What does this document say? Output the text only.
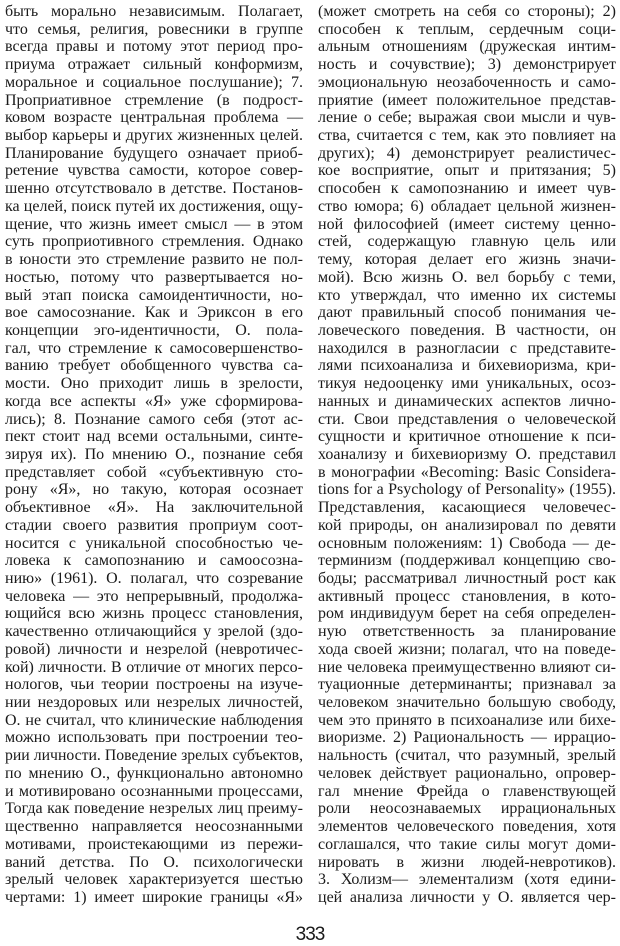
быть морально независимым. Полагает,
что семья, религия, ровесники в группе
всегда правы и потому этот период про-
приума отражает сильный конформизм,
моральное и социальное послушание); 7.
Проприативное стремление (в подрост-
ковом возрасте центральная проблема —
выбор карьеры и других жизненных целей.
Планирование будущего означает приоб-
ретение чувства самости, которое совер-
шенно отсутствовало в детстве. Постанов-
ка целей, поиск путей их достижения, ощу-
щение, что жизнь имеет смысл — в этом
суть проприотивного стремления. Однако
в юности это стремление развито не пол-
ностью, потому что развертывается но-
вый этап поиска самоидентичности, но-
вое самосознание. Как и Эриксон в его
концепции эго-идентичности, О. пола-
гал, что стремление к самосовершенство-
ванию требует обобщенного чувства са-
мости. Оно приходит лишь в зрелости,
когда все аспекты «Я» уже сформирова-
лись); 8. Познание самого себя (этот ас-
пект стоит над всеми остальными, синте-
зируя их). По мнению О., познание себя
представляет собой «субъективную сто-
рону «Я», но такую, которая осознает
объективное «Я». На заключительной
стадии своего развития проприум соот-
носится с уникальной способностью че-
ловека к самопознанию и самоосозна-
нию» (1961). О. полагал, что созревание
человека — это непрерывный, продолжа-
ющийся всю жизнь процесс становления,
качественно отличающийся у зрелой (здо-
ровой) личности и незрелой (невротичес-
кой) личности. В отличие от многих персо-
нологов, чьи теории построены на изуче-
нии нездоровых или незрелых личностей,
О. не считал, что клинические наблюдения
можно использовать при построении тео-
рии личности. Поведение зрелых субъектов,
по мнению О., функционально автономно
и мотивировано осознанными процессами,
Тогда как поведение незрелых лиц преиму-
щественно направляется неосознанными
мотивами, проистекающими из пережи-
ваний детства. По О. психологически
зрелый человек характеризуется шестью
чертами: 1) имеет широкие границы «Я»
(может смотреть на себя со стороны); 2)
способен к теплым, сердечным соци-
альным отношениям (дружеская интим-
ность и сочувствие); 3) демонстрирует
эмоциональную неозабоченность и само-
приятие (имеет положительное представ-
ление о себе; выражая свои мысли и чув-
ства, считается с тем, как это повлияет на
других); 4) демонстрирует реалистичес-
кое восприятие, опыт и притязания; 5)
способен к самопознанию и имеет чув-
ство юмора; 6) обладает цельной жизнен-
ной философией (имеет систему ценно-
стей, содержащую главную цель или
тему, которая делает его жизнь значи-
мой). Всю жизнь О. вел борьбу с теми,
кто утверждал, что именно их системы
дают правильный способ понимания че-
ловеческого поведения. В частности, он
находился в разногласии с представите-
лями психоанализа и бихевиоризма, кри-
тикуя недооценку ими уникальных, осоз-
нанных и динамических аспектов лично-
сти. Свои представления о человеческой
сущности и критичное отношение к пси-
хоанализу и бихевиоризму О. представил
в монографии «Becoming: Basic Considera-
tions for a Psychology of Personality» (1955).
Представления, касающиеся человечес-
кой природы, он анализировал по девяти
основным положениям: 1) Свобода — де-
терминизм (поддерживал концепцию сво-
боды; рассматривал личностный рост как
активный процесс становления, в кото-
ром индивидуум берет на себя определен-
ную ответственность за планирование
хода своей жизни; полагал, что на поведе-
ние человека преимущественно влияют си-
туационные детерминанты; признавал за
человеком значительно большую свободу,
чем это принято в психоанализе или бихе-
виоризме. 2) Рациональность — иррацио-
нальность (считал, что разумный, зрелый
человек действует рационально, опровер-
гал мнение Фрейда о главенствующей
роли неосознаваемых иррациональных
элементов человеческого поведения, хотя
соглашался, что такие силы могут доми-
нировать в жизни людей-невротиков).
3. Холизм— элементализм (хотя едини-
цей анализа личности у О. является чер-
333
